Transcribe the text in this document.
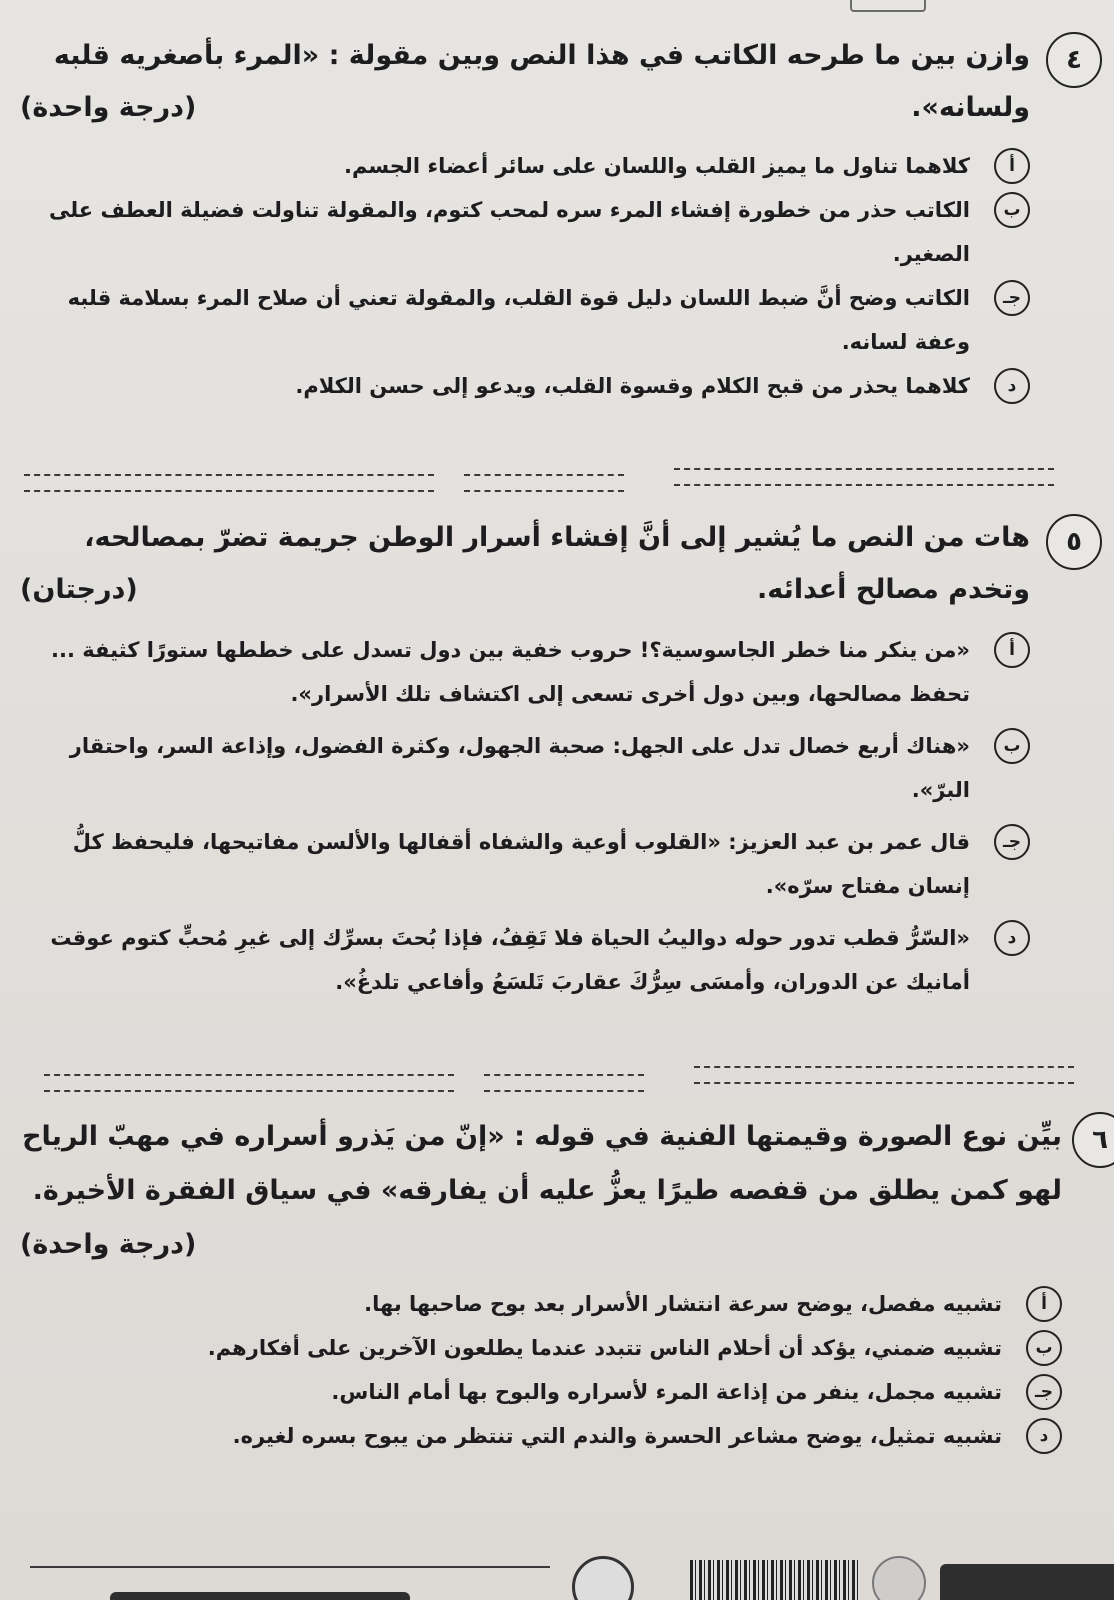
٤
وازن بين ما طرحه الكاتب في هذا النص وبين مقولة : «المرء بأصغريه قلبه ولسانه».
(درجة واحدة)
أ
كلاهما تناول ما يميز القلب واللسان على سائر أعضاء الجسم.
ب
الكاتب حذر من خطورة إفشاء المرء سره لمحب كتوم، والمقولة تناولت فضيلة العطف على الصغير.
جـ
الكاتب وضح أنَّ ضبط اللسان دليل قوة القلب، والمقولة تعني أن صلاح المرء بسلامة قلبه وعفة لسانه.
د
كلاهما يحذر من قبح الكلام وقسوة القلب، ويدعو إلى حسن الكلام.
٥
هات من النص ما يُشير إلى أنَّ إفشاء أسرار الوطن جريمة تضرّ بمصالحه، وتخدم مصالح أعدائه.
(درجتان)
أ
«من ينكر منا خطر الجاسوسية؟! حروب خفية بين دول تسدل على خططها ستورًا كثيفة ... تحفظ مصالحها، وبين دول أخرى تسعى إلى اكتشاف تلك الأسرار».
ب
«هناك أربع خصال تدل على الجهل: صحبة الجهول، وكثرة الفضول، وإذاعة السر، واحتقار البرّ».
جـ
قال عمر بن عبد العزيز: «القلوب أوعية والشفاه أقفالها والألسن مفاتيحها، فليحفظ كلُّ إنسان مفتاح سرّه».
د
«السّرُّ قطب تدور حوله دواليبُ الحياة فلا تَقِفُ، فإذا بُحتَ بسرِّك إلى غيرِ مُحبٍّ كتوم عوقت أمانيك عن الدوران، وأمسَى سِرُّكَ عقاربَ تَلسَعُ وأفاعي تلدغُ».
٦
بيِّن نوع الصورة وقيمتها الفنية في قوله : «إنّ من يَذرو أسراره في مهبّ الرياح لهو كمن يطلق من قفصه طيرًا يعزُّ عليه أن يفارقه» في سياق الفقرة الأخيرة.
(درجة واحدة)
أ
تشبيه مفصل، يوضح سرعة انتشار الأسرار بعد بوح صاحبها بها.
ب
تشبيه ضمني، يؤكد أن أحلام الناس تتبدد عندما يطلعون الآخرين على أفكارهم.
جـ
تشبيه مجمل، ينفر من إذاعة المرء لأسراره والبوح بها أمام الناس.
د
تشبيه تمثيل، يوضح مشاعر الحسرة والندم التي تنتظر من يبوح بسره لغيره.
